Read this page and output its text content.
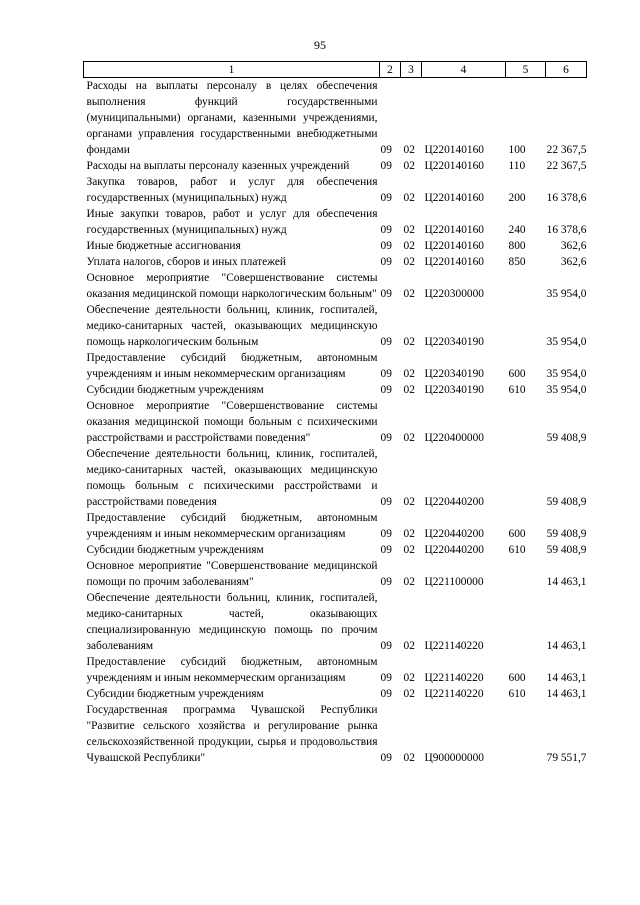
95
1	2	3	4	5	6
Расходы на выплаты персоналу в целях обеспечения выполнения функций государственными (муниципальными) органами, казенными учреждениями, органами управления государственными внебюджетными фондами	09	02	Ц220140160	100	22 367,5
Расходы на выплаты персоналу казенных учреждений	09	02	Ц220140160	110	22 367,5
Закупка товаров, работ и услуг для обеспечения государственных (муниципальных) нужд	09	02	Ц220140160	200	16 378,6
Иные закупки товаров, работ и услуг для обеспечения государственных (муниципальных) нужд	09	02	Ц220140160	240	16 378,6
Иные бюджетные ассигнования	09	02	Ц220140160	800	362,6
Уплата налогов, сборов и иных платежей	09	02	Ц220140160	850	362,6
Основное мероприятие "Совершенствование системы оказания медицинской помощи наркологическим больным"	09	02	Ц220300000		35 954,0
Обеспечение деятельности больниц, клиник, госпиталей, медико-санитарных частей, оказывающих медицинскую помощь наркологическим больным	09	02	Ц220340190		35 954,0
Предоставление субсидий бюджетным, автономным учреждениям и иным некоммерческим организациям	09	02	Ц220340190	600	35 954,0
Субсидии бюджетным учреждениям	09	02	Ц220340190	610	35 954,0
Основное мероприятие "Совершенствование системы оказания медицинской помощи больным с психическими расстройствами и расстройствами поведения"	09	02	Ц220400000		59 408,9
Обеспечение деятельности больниц, клиник, госпиталей, медико-санитарных частей, оказывающих медицинскую помощь больным с психическими расстройствами и расстройствами поведения	09	02	Ц220440200		59 408,9
Предоставление субсидий бюджетным, автономным учреждениям и иным некоммерческим организациям	09	02	Ц220440200	600	59 408,9
Субсидии бюджетным учреждениям	09	02	Ц220440200	610	59 408,9
Основное мероприятие "Совершенствование медицинской помощи по прочим заболеваниям"	09	02	Ц221100000		14 463,1
Обеспечение деятельности больниц, клиник, госпиталей, медико-санитарных частей, оказывающих специализированную медицинскую помощь по прочим заболеваниям	09	02	Ц221140220		14 463,1
Предоставление субсидий бюджетным, автономным учреждениям и иным некоммерческим организациям	09	02	Ц221140220	600	14 463,1
Субсидии бюджетным учреждениям	09	02	Ц221140220	610	14 463,1
Государственная программа Чувашской Республики "Развитие сельского хозяйства и регулирование рынка сельскохозяйственной продукции, сырья и продовольствия Чувашской Республики"	09	02	Ц900000000		79 551,7
